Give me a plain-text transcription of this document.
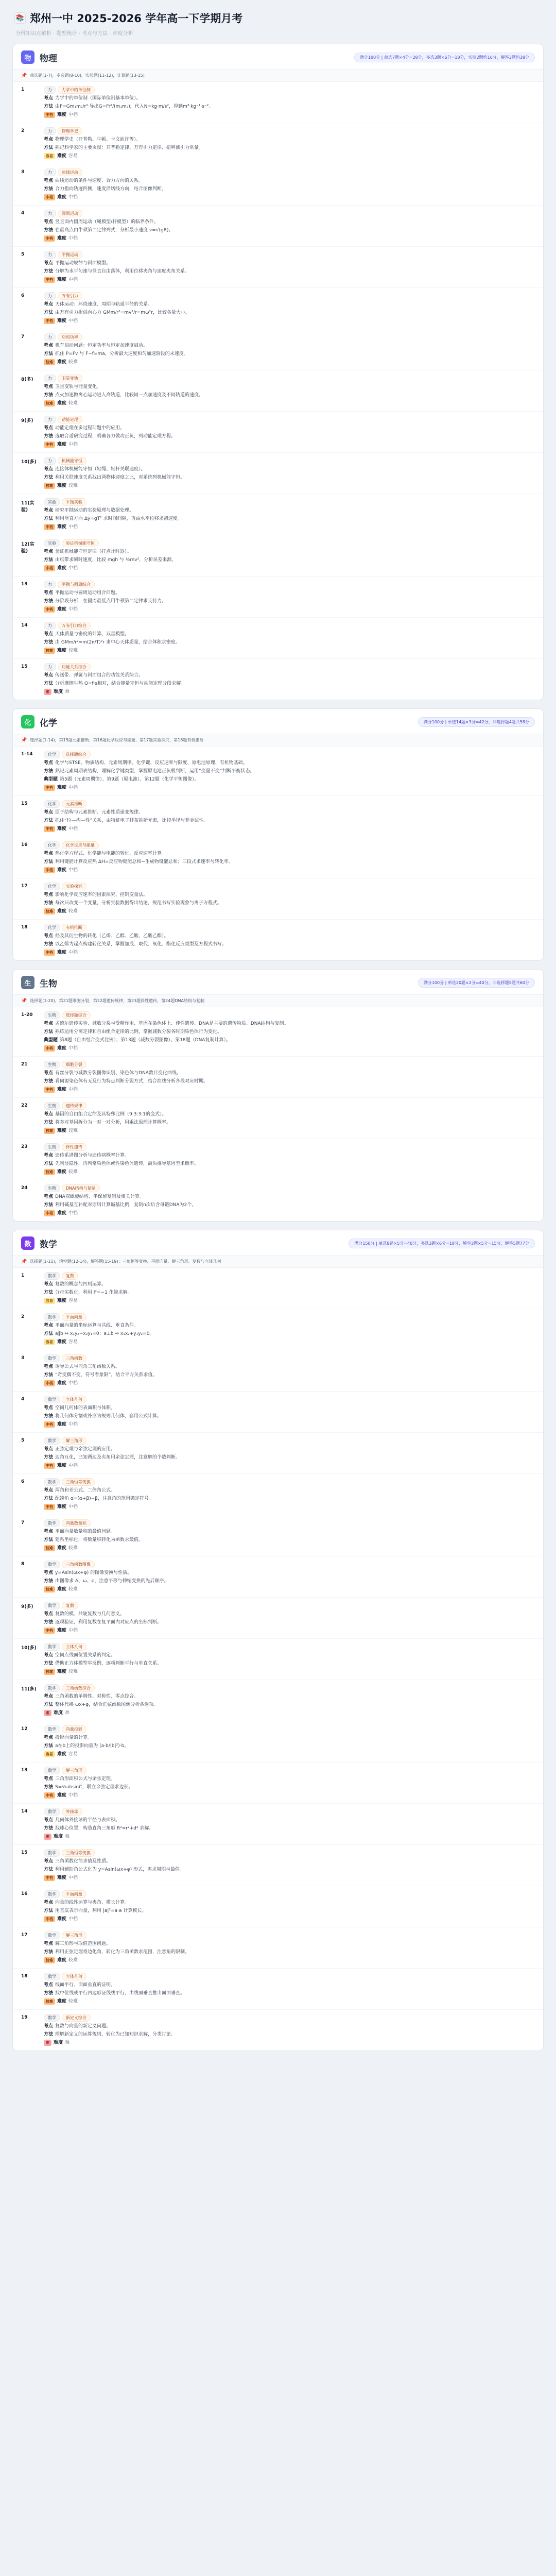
📚 郑州一中 2025-2026 学年高一下学期月考
分科知识点解析 · 题型统计 · 考点与方法 · 难度分析
物 物理	满分100分 | 单选7题×4分=28分，多选3题×6分=18分，实验2题约16分，解答3题约38分
📌 单选题(1-7)，多选题(8-10)，实验题(11-12)，计算题(13-15)
1	力 力学中的单位制
考点 力学中的单位制（国际单位制基本单位）。
方法 由F=Gm₁m₂/r² 导出G=Fr²/(m₁m₂)，代入N=kg·m/s²，得到m³·kg⁻¹·s⁻²。
中档 难度 中档
2	力 物理学史
考点 物理学史（开普勒、牛顿、卡文迪许等）。
方法 熟记科学家的主要贡献：开普勒定律、万有引力定律、扭秤测引力常量。
容易 难度 容易
3	力 曲线运动
考点 曲线运动的条件与速度、合力方向的关系。
方法 合力指向轨迹凹侧，速度沿切线方向，结合图像判断。
中档 难度 中档
4	力 圆周运动
考点 竖直面内圆周运动（绳模型/杆模型）的临界条件。
方法 在最高点由牛顿第二定律列式，分析最小速度 v=√(gR)。
中档 难度 中档
5	力 平抛运动
考点 平抛运动规律与斜面模型。
方法 分解为水平匀速与竖直自由落体，利用位移夹角与速度夹角关系。
中档 难度 中档
6	力 万有引力
考点 天体运动：环绕速度、周期与轨道半径的关系。
方法 由万有引力提供向心力 GMm/r²=mv²/r=mω²r，比较各量大小。
中档 难度 中档
7	力 功和功率
考点 机车启动问题：恒定功率与恒定加速度启动。
方法 抓住 P=Fv 与 F−f=ma，分析最大速度和匀加速阶段的末速度。
较难 难度 较难
8(多)	力 卫星变轨
考点 卫星变轨与能量变化。
方法 点火加速做离心运动进入高轨道，比较同一点加速度及不同轨道的速度。
较难 难度 较难
9(多)	力 动能定理
考点 动能定理在多过程问题中的应用。
方法 选取合适研究过程，明确各力做功正负，列动能定理方程。
中档 难度 中档
10(多)	力 机械能守恒
考点 连接体机械能守恒（轻绳、轻杆关联速度）。
方法 利用关联速度关系找出两物体速度之比，对系统列机械能守恒。
较难 难度 较难
11(实验)
实验 平抛实验
考点 研究平抛运动的实验原理与数据处理。
方法 利用竖直方向 Δy=gT² 求时间间隔，再由水平位移求初速度。
中档 难度 中档
12(实验)
实验 验证机械能守恒
考点 验证机械能守恒定律（打点计时器）。
方法 由纸带求瞬时速度，比较 mgh 与 ½mv²，分析误差来源。
中档 难度 中档
13	力 平抛与圆周综合
考点 平抛运动与圆周运动组合问题。
方法 分阶段分析，在圆周最低点用牛顿第二定律求支持力。
中档 难度 中档
14	力 万有引力综合
考点 天体质量与密度的计算、双星模型。
方法 由 GMm/r²=m(2π/T)²r 求中心天体质量，结合体积求密度。
较难 难度 较难
15	力 功能关系综合
考点 传送带、弹簧与斜面组合的功能关系综合。
方法 分析摩擦生热 Q=f·s相对，结合能量守恒与动能定理分段求解。
难 难度 难
化 化学	满分100分 | 单选14题×3分=42分，非选择题4题共58分
📌 选择题(1-14)，第15题元素推断，第16题化学反应与能量，第17题实验探究，第18题有机推断
1-14	化学 选择题综合
考点 化学与STSE、物质结构、元素周期律、化学键、反应速率与限度、原电池原理、有机物基础。
方法 熟记元素周期表结构，理解化学键类型，掌握原电池正负极判断，运用“变量不变”判断平衡状态。
典型题 第5题（元素周期律）、第9题（原电池）、第12题（化学平衡图像）。
中档 难度 中档
15	化学 元素推断
考点 原子结构与元素推断、元素性质递变规律。
方法 抓住“位—构—性”关系，由特征电子排布推断元素，比较半径与非金属性。
中档 难度 中档
16	化学 化学反应与能量
考点 热化学方程式、化学能与电能的转化、反应速率计算。
方法 利用键能计算反应热 ΔH=反应物键能总和−生成物键能总和；三段式求速率与转化率。
中档 难度 中档
17	化学 实验探究
考点 影响化学反应速率的因素探究、控制变量法。
方法 每次只改变一个变量，分析实验数据得出结论，规范书写实验现象与离子方程式。
较难 难度 较难
18	化学 有机推断
考点 烃及其衍生物的转化（乙烯、乙醇、乙酸、乙酸乙酯）。
方法 以乙烯为起点构建转化关系，掌握加成、取代、氧化、酯化反应类型及方程式书写。
中档 难度 中档
生 生物	满分100分 | 单选20题×2分=40分，非选择题5题共60分
📌 选择题(1-20)，第21题细胞分裂，第22题遗传规律，第23题伴性遗传，第24题DNA结构与复制
1-20	生物 选择题综合
考点 孟德尔遗传实验、减数分裂与受精作用、基因在染色体上、伴性遗传、DNA是主要的遗传物质、DNA结构与复制。
方法 熟练运用分离定律和自由组合定律的比例，掌握减数分裂各时期染色体行为变化。
典型题 第8题（自由组合变式比例）、第13题（减数分裂图像）、第18题（DNA复制计算）。
中档 难度 中档
21	生物 细胞分裂
考点 有丝分裂与减数分裂图像识别、染色体与DNA数目变化曲线。
方法 看同源染色体有无及行为特点判断分裂方式，结合曲线分析各段对应时期。
中档 难度 中档
22	生物 遗传规律
考点 基因的自由组合定律及其特殊比例（9:3:3:1的变式）。
方法 将多对基因拆分为一对一对分析，用乘法原理计算概率。
较难 难度 较难
23	生物 伴性遗传
考点 遗传系谱图分析与遗传病概率计算。
方法 先判显隐性，再判常染色体或性染色体遗传，最后推导基因型求概率。
较难 难度 较难
24	生物 DNA结构与复制
考点 DNA双螺旋结构、半保留复制及相关计算。
方法 利用碱基互补配对原则计算碱基比例，复制n次后含母链DNA为2个。
中档 难度 中档
数 数学	满分150分 | 单选8题×5分=40分，多选3题×6分=18分，填空3题×5分=15分，解答5题77分
📌 选择题(1-11)，填空题(12-14)，解答题(15-19)：三角恒等变换、平面向量、解三角形、复数与立体几何
1	数学 复数
考点 复数的概念与四则运算。
方法 分母实数化，利用 i²=−1 化简求解。
容易 难度 容易
2	数学 平面向量
考点 平面向量的坐标运算与共线、垂直条件。
方法 a∥b ⇔ x₁y₂−x₂y₁=0；a⊥b ⇔ x₁x₂+y₁y₂=0。
容易 难度 容易
3	数学 三角函数
考点 诱导公式与同角三角函数关系。
方法 “奇变偶不变，符号看象限”，结合平方关系求值。
中档 难度 中档
4	数学 立体几何
考点 空间几何体的表面积与体积。
方法 将几何体分割或补形为规则几何体，套用公式计算。
中档 难度 中档
5	数学 解三角形
考点 正弦定理与余弦定理的应用。
方法 边角互化，已知两边及夹角用余弦定理，注意解的个数判断。
中档 难度 中档
6	数学 三角恒等变换
考点 两角和差公式、二倍角公式。
方法 配凑角 α=(α+β)−β，注意角的范围确定符号。
中档 难度 中档
7	数学 向量数量积
考点 平面向量数量积的最值问题。
方法 建系坐标化，将数量积转化为函数求最值。
较难 难度 较难
8	数学 三角函数图像
考点 y=Asin(ωx+φ) 的图像变换与性质。
方法 由图像求 A、ω、φ，注意平移与伸缩变换的先后顺序。
较难 难度 较难
9(多)	数学 复数
考点 复数的模、共轭复数与几何意义。
方法 逐项验证，利用复数在复平面内对应点的坐标判断。
中档 难度 中档
10(多)	数学 立体几何
考点 空间点线面位置关系的判定。
方法 借助正方体模型举反例，逐项判断平行与垂直关系。
较难 难度 较难
11(多)	数学 三角函数综合
考点 三角函数的单调性、对称性、零点综合。
方法 整体代换 ωx+φ，结合正弦函数图像分析各选项。
难 难度 难
12	数学 向量投影
考点 投影向量的计算。
方法 a在b上的投影向量为 (a·b/|b|²)·b。
容易 难度 容易
13	数学 解三角形
考点 三角形面积公式与余弦定理。
方法 S=½absinC，联立余弦定理求边长。
中档 难度 中档
14	数学 外接球
考点 几何体外接球的半径与表面积。
方法 找球心位置，构造直角三角形 R²=r²+d² 求解。
难 难度 难
15	数学 三角恒等变换
考点 三角函数化简求值及性质。
方法 利用辅助角公式化为 y=Asin(ωx+φ) 形式，再求周期与最值。
中档 难度 中档
16	数学 平面向量
考点 向量的线性运算与夹角、模长计算。
方法 用基底表示向量，利用 |a|²=a·a 计算模长。
中档 难度 中档
17	数学 解三角形
考点 解三角形与取值范围问题。
方法 利用正弦定理将边化角，转化为三角函数求范围，注意角的限制。
较难 难度 较难
18	数学 立体几何
考点 线面平行、面面垂直的证明。
方法 找中位线或平行四边形证线线平行，由线面垂直推出面面垂直。
较难 难度 较难
19	数学 新定义综合
考点 复数与向量的新定义问题。
方法 理解新定义的运算规则，转化为已知知识求解，分类讨论。
难 难度 难
